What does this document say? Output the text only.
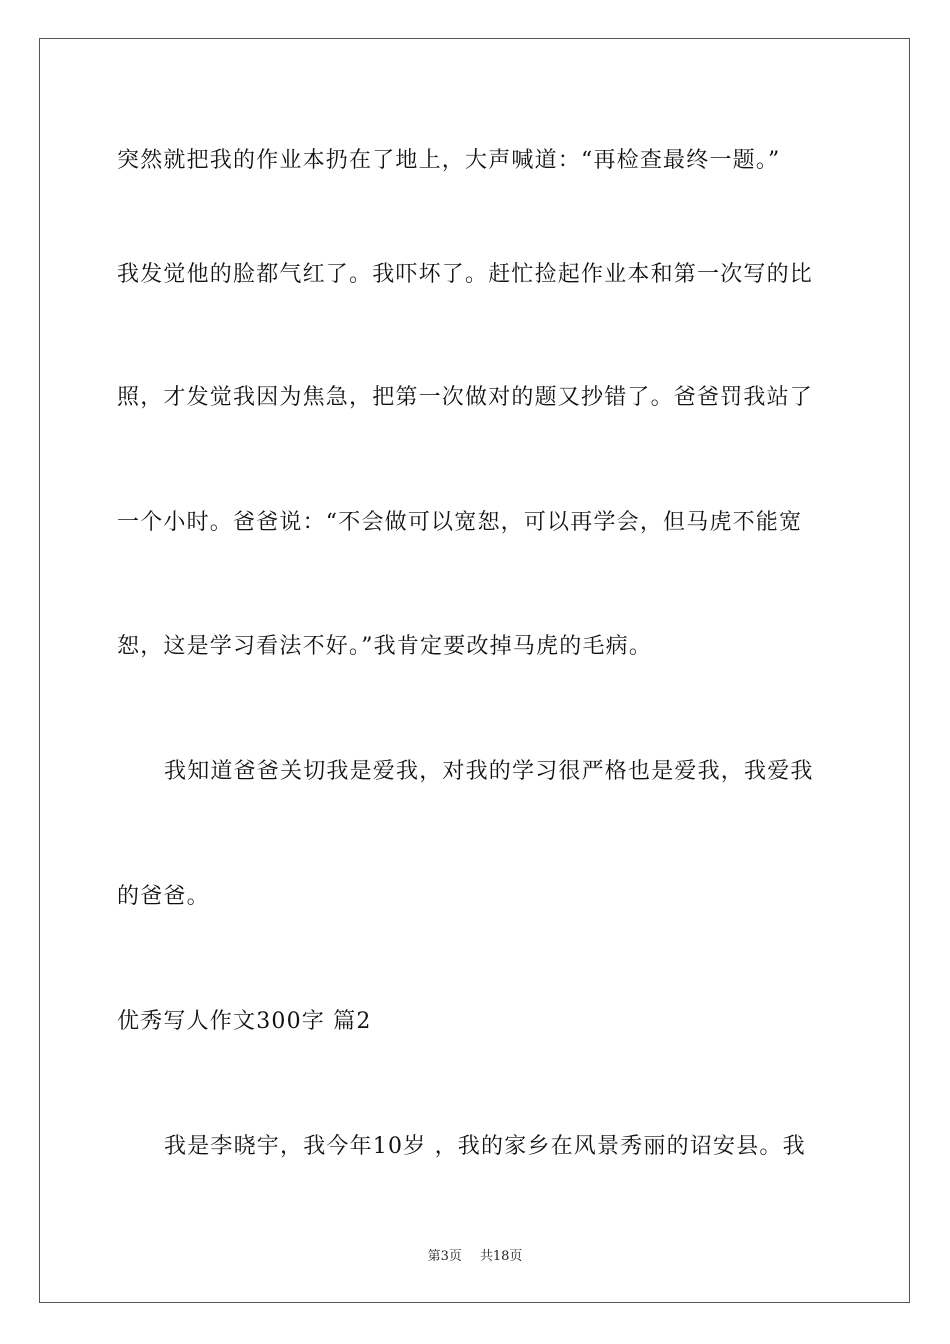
突然就把我的作业本扔在了地上，大声喊道：“再检查最终一题。”
我发觉他的脸都气红了。我吓坏了。赶忙捡起作业本和第一次写的比
照，才发觉我因为焦急，把第一次做对的题又抄错了。爸爸罚我站了
一个小时。爸爸说：“不会做可以宽恕，可以再学会，但马虎不能宽
恕，这是学习看法不好。”我肯定要改掉马虎的毛病。
我知道爸爸关切我是爱我，对我的学习很严格也是爱我，我爱我
的爸爸。
优秀写人作文300字 篇2
我是李晓宇，我今年10岁 ，我的家乡在风景秀丽的诏安县。我
第3页 共18页
